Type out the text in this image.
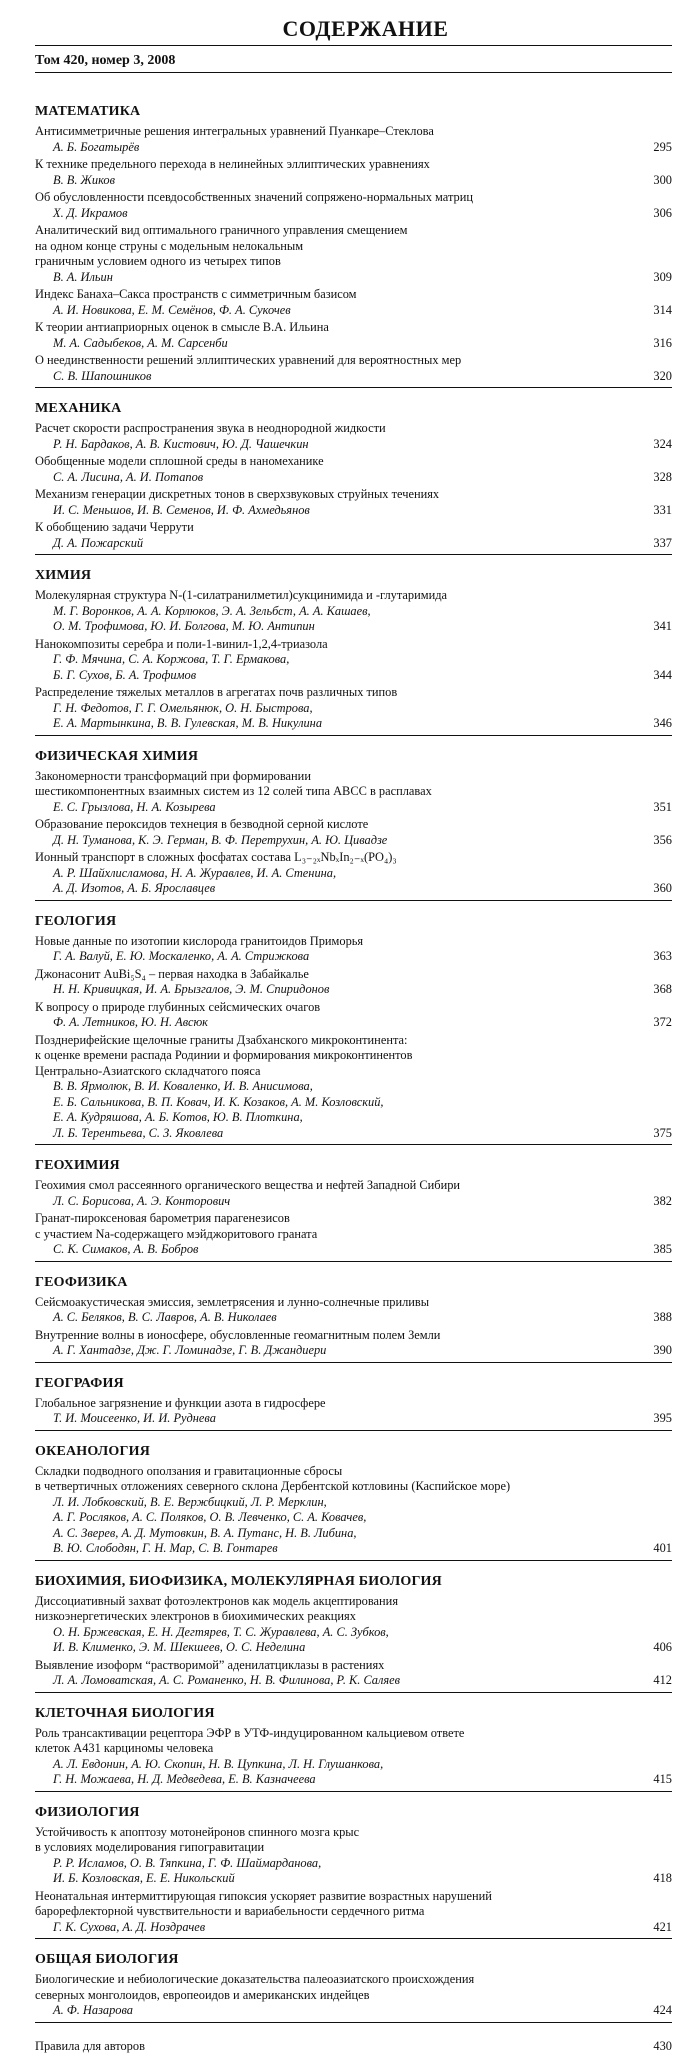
СОДЕРЖАНИЕ
Том 420, номер 3, 2008
МАТЕМАТИКА
Антисимметричные решения интегральных уравнений Пуанкаре–Стеклова
А. Б. Богатырёв	295
К технике предельного перехода в нелинейных эллиптических уравнениях
В. В. Жиков	300
Об обусловленности псевдособственных значений сопряжено-нормальных матриц
Х. Д. Икрамов	306
Аналитический вид оптимального граничного управления смещением
на одном конце струны с модельным нелокальным
граничным условием одного из четырех типов
В. А. Ильин	309
Индекс Банаха–Сакса пространств с симметричным базисом
А. И. Новикова, Е. М. Семёнов, Ф. А. Сукочев	314
К теории антиаприорных оценок в смысле В.А. Ильина
М. А. Садыбеков, А. М. Сарсенби	316
О неединственности решений эллиптических уравнений для вероятностных мер
С. В. Шапошников	320
МЕХАНИКА
Расчет скорости распространения звука в неоднородной жидкости
Р. Н. Бардаков, А. В. Кистович, Ю. Д. Чашечкин	324
Обобщенные модели сплошной среды в наномеханике
С. А. Лисина, А. И. Потапов	328
Механизм генерации дискретных тонов в сверхзвуковых струйных течениях
И. С. Меньшов, И. В. Семенов, И. Ф. Ахмедьянов	331
К обобщению задачи Черрути
Д. А. Пожарский	337
ХИМИЯ
Молекулярная структура N-(1-силатранилметил)сукцинимида и -глутаримида
М. Г. Воронков, А. А. Корлюков, Э. А. Зельбст, А. А. Кашаев,
О. М. Трофимова, Ю. И. Болгова, М. Ю. Антипин	341
Нанокомпозиты серебра и поли-1-винил-1,2,4-триазола
Г. Ф. Мячина, С. А. Коржова, Т. Г. Ермакова,
Б. Г. Сухов, Б. А. Трофимов	344
Распределение тяжелых металлов в агрегатах почв различных типов
Г. Н. Федотов, Г. Г. Омельянюк, О. Н. Быстрова,
Е. А. Мартынкина, В. В. Гулевская, М. В. Никулина	346
ФИЗИЧЕСКАЯ ХИМИЯ
Закономерности трансформаций при формировании
шестикомпонентных взаимных систем из 12 солей типа АВСС в расплавах
Е. С. Грызлова, Н. А. Козырева	351
Образование пероксидов технеция в безводной серной кислоте
Д. Н. Туманова, К. Э. Герман, В. Ф. Перетрухин, А. Ю. Цивадзе	356
Ионный транспорт в сложных фосфатах состава L₃₋₂ₓNbₓIn₂₋ₓ(PO₄)₃
А. Р. Шайхлисламова, Н. А. Журавлев, И. А. Стенина,
А. Д. Изотов, А. Б. Ярославцев	360
ГЕОЛОГИЯ
Новые данные по изотопии кислорода гранитоидов Приморья
Г. А. Валуй, Е. Ю. Москаленко, А. А. Стрижкова	363
Джонасонит AuBi₅S₄ – первая находка в Забайкалье
Н. Н. Кривицкая, И. А. Брызгалов, Э. М. Спиридонов	368
К вопросу о природе глубинных сейсмических очагов
Ф. А. Летников, Ю. Н. Авсюк	372
Позднерифейские щелочные граниты Дзабханского микроконтинента:
к оценке времени распада Родинии и формирования микроконтинентов
Центрально-Азиатского складчатого пояса
В. В. Ярмолюк, В. И. Коваленко, И. В. Анисимова,
Е. Б. Сальникова, В. П. Ковач, И. К. Козаков, А. М. Козловский,
Е. А. Кудряшова, А. Б. Котов, Ю. В. Плоткина,
Л. Б. Терентьева, С. З. Яковлева	375
ГЕОХИМИЯ
Геохимия смол рассеянного органического вещества и нефтей Западной Сибири
Л. С. Борисова, А. Э. Конторович	382
Гранат-пироксеновая барометрия парагенезисов
с участием Na-содержащего мэйджоритового граната
С. К. Симаков, А. В. Бобров	385
ГЕОФИЗИКА
Сейсмоакустическая эмиссия, землетрясения и лунно-солнечные приливы
А. С. Беляков, В. С. Лавров, А. В. Николаев	388
Внутренние волны в ионосфере, обусловленные геомагнитным полем Земли
А. Г. Хантадзе, Дж. Г. Ломинадзе, Г. В. Джандиери	390
ГЕОГРАФИЯ
Глобальное загрязнение и функции азота в гидросфере
Т. И. Моисеенко, И. И. Руднева	395
ОКЕАНОЛОГИЯ
Складки подводного оползания и гравитационные сбросы
в четвертичных отложениях северного склона Дербентской котловины (Каспийское море)
Л. И. Лобковский, В. Е. Вержбицкий, Л. Р. Мерклин,
А. Г. Росляков, А. С. Поляков, О. В. Левченко, С. А. Ковачев,
А. С. Зверев, А. Д. Мутовкин, В. А. Путанс, Н. В. Либина,
В. Ю. Слободян, Г. Н. Мар, С. В. Гонтарев	401
БИОХИМИЯ, БИОФИЗИКА, МОЛЕКУЛЯРНАЯ БИОЛОГИЯ
Диссоциативный захват фотоэлектронов как модель акцептирования
низкоэнергетических электронов в биохимических реакциях
О. Н. Бржевская, Е. Н. Дегтярев, Т. С. Журавлева, А. С. Зубков,
И. В. Клименко, Э. М. Шекшеев, О. С. Неделина	406
Выявление изоформ “растворимой” аденилатциклазы в растениях
Л. А. Ломоватская, А. С. Романенко, Н. В. Филинова, Р. К. Саляев	412
КЛЕТОЧНАЯ БИОЛОГИЯ
Роль трансактивации рецептора ЭФР в УТФ-индуцированном кальциевом ответе
клеток А431 карциномы человека
А. Л. Евдонин, А. Ю. Скопин, Н. В. Цупкина, Л. Н. Глушанкова,
Г. Н. Можаева, Н. Д. Медведева, Е. В. Казначеева	415
ФИЗИОЛОГИЯ
Устойчивость к апоптозу мотонейронов спинного мозга крыс
в условиях моделирования гипогравитации
Р. Р. Исламов, О. В. Тяпкина, Г. Ф. Шаймарданова,
И. Б. Козловская, Е. Е. Никольский	418
Неонатальная интермиттирующая гипоксия ускоряет развитие возрастных нарушений
барорефлекторной чувствительности и вариабельности сердечного ритма
Г. К. Сухова, А. Д. Ноздрачев	421
ОБЩАЯ БИОЛОГИЯ
Биологические и небиологические доказательства палеоазиатского происхождения
северных монголоидов, европеоидов и американских индейцев
А. Ф. Назарова	424
Правила для авторов	430
